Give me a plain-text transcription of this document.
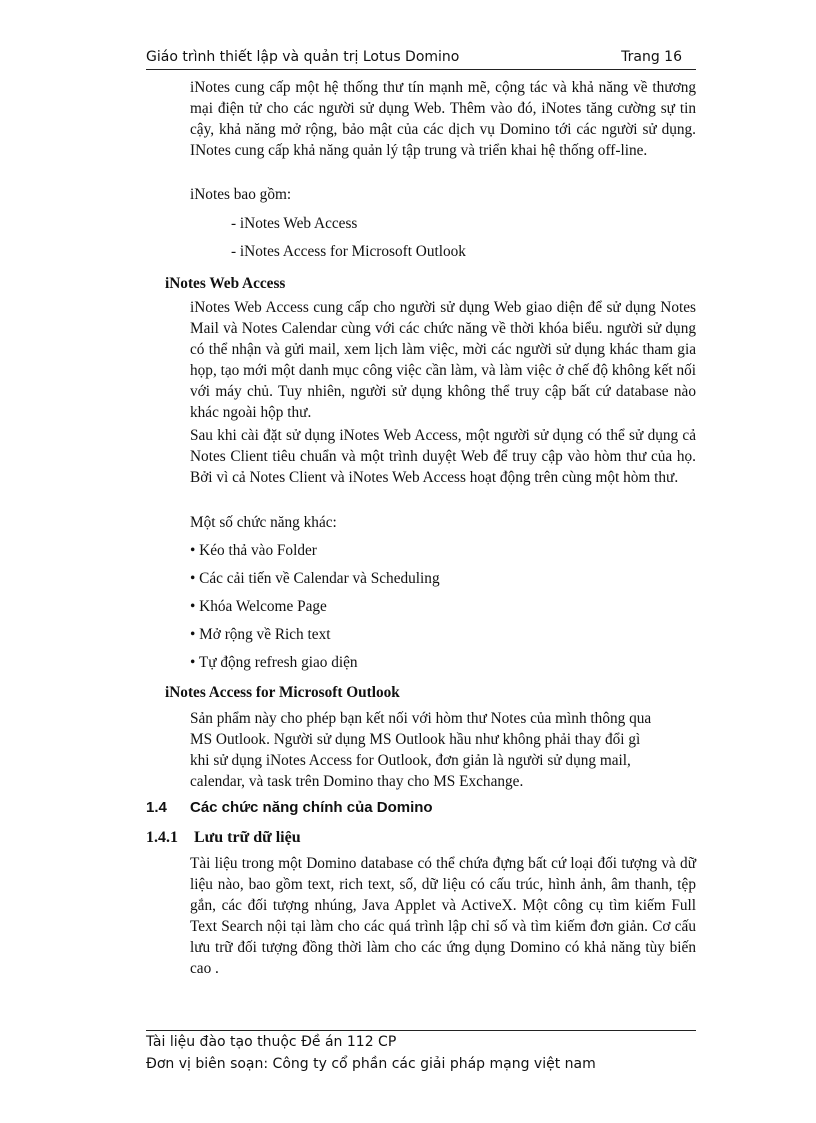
Giáo trình thiết lập và quản trị Lotus Domino	Trang 16

iNotes cung cấp một hệ thống thư tín mạnh mẽ, cộng tác và khả năng về thương mại điện tử cho các người sử dụng Web. Thêm vào đó, iNotes tăng cường sự tin cậy, khả năng mở rộng, bảo mật của các dịch vụ Domino tới các người sử dụng. INotes cung cấp khả năng quản lý tập trung và triển khai hệ thống off-line.

iNotes bao gồm:

- iNotes Web Access

- iNotes Access for Microsoft Outlook

iNotes Web Access

iNotes Web Access cung cấp cho người sử dụng Web giao diện để sử dụng Notes Mail và Notes Calendar cùng với các chức năng về thời khóa biểu. người sử dụng có thể nhận và gửi mail, xem lịch làm việc, mời các người sử dụng khác tham gia họp, tạo mới một danh mục công việc cần làm, và làm việc ở chế độ không kết nối với máy chủ. Tuy nhiên, người sử dụng không thể truy cập bất cứ database nào khác ngoài hộp thư.

Sau khi cài đặt sử dụng iNotes Web Access, một người sử dụng có thể sử dụng cả Notes Client tiêu chuẩn và một trình duyệt Web để truy cập vào hòm thư của họ. Bởi vì cả Notes Client và iNotes Web Access hoạt động trên cùng một hòm thư.

Một số chức năng khác:

• Kéo thả vào Folder

• Các cải tiến về Calendar và Scheduling

• Khóa Welcome Page

• Mở rộng về Rich text

• Tự động refresh giao diện

iNotes Access for Microsoft Outlook

Sản phẩm này cho phép bạn kết nối với hòm thư Notes của mình thông qua

MS Outlook. Người sử dụng MS Outlook hầu như không phải thay đổi gì

khi sử dụng iNotes Access for Outlook, đơn giản là người sử dụng mail,

calendar, và task trên Domino thay cho MS Exchange.

1.4 Các chức năng chính của Domino

1.4.1 Lưu trữ dữ liệu

Tài liệu trong một Domino database có thể chứa đựng bất cứ loại đối tượng và dữ liệu nào, bao gồm text, rich text, số, dữ liệu có cấu trúc, hình ảnh, âm thanh, tệp gắn, các đối tượng nhúng, Java Applet và ActiveX. Một công cụ tìm kiếm Full Text Search nội tại làm cho các quá trình lập chỉ số và tìm kiếm đơn giản. Cơ cấu lưu trữ đối tượng đồng thời làm cho các ứng dụng Domino có khả năng tùy biến cao .

Tài liệu đào tạo thuộc Đề án 112 CP

Đơn vị biên soạn: Công ty cổ phần các giải pháp mạng việt nam
